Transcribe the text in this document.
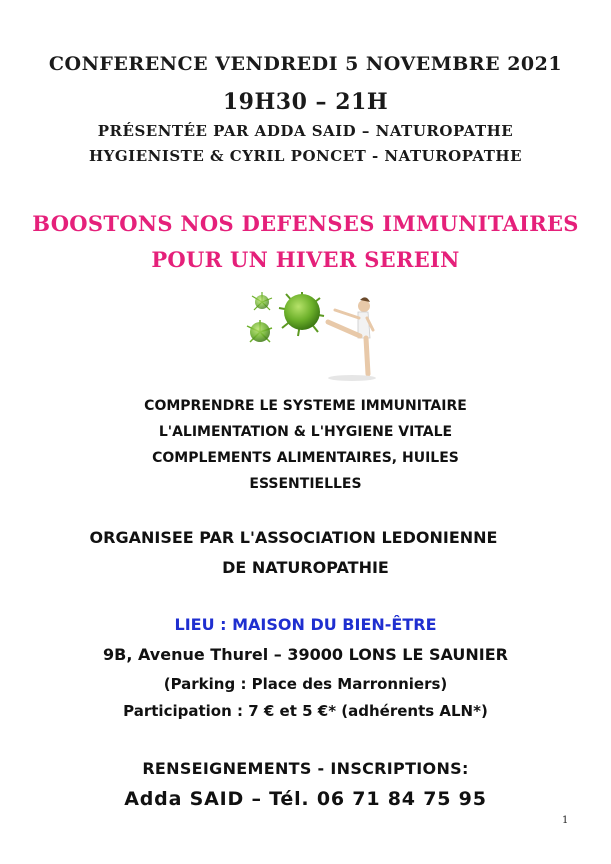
CONFERENCE VENDREDI 5 NOVEMBRE 2021

19H30 – 21H

PRÉSENTÉE PAR ADDA SAID – NATUROPATHE

HYGIENISTE & CYRIL PONCET - NATUROPATHE

BOOSTONS NOS DEFENSES IMMUNITAIRES

POUR UN HIVER SEREIN

COMPRENDRE LE SYSTEME IMMUNITAIRE

L'ALIMENTATION & L'HYGIENE VITALE

COMPLEMENTS ALIMENTAIRES, HUILES

ESSENTIELLES

ORGANISEE PAR L'ASSOCIATION LEDONIENNE

DE NATUROPATHIE

LIEU : MAISON DU BIEN-ÊTRE

9B, Avenue Thurel – 39000 LONS LE SAUNIER

(Parking : Place des Marronniers)

Participation : 7 € et 5 €* (adhérents ALN*)

RENSEIGNEMENTS - INSCRIPTIONS:

Adda SAID – Tél. 06 71 84 75 95

1
